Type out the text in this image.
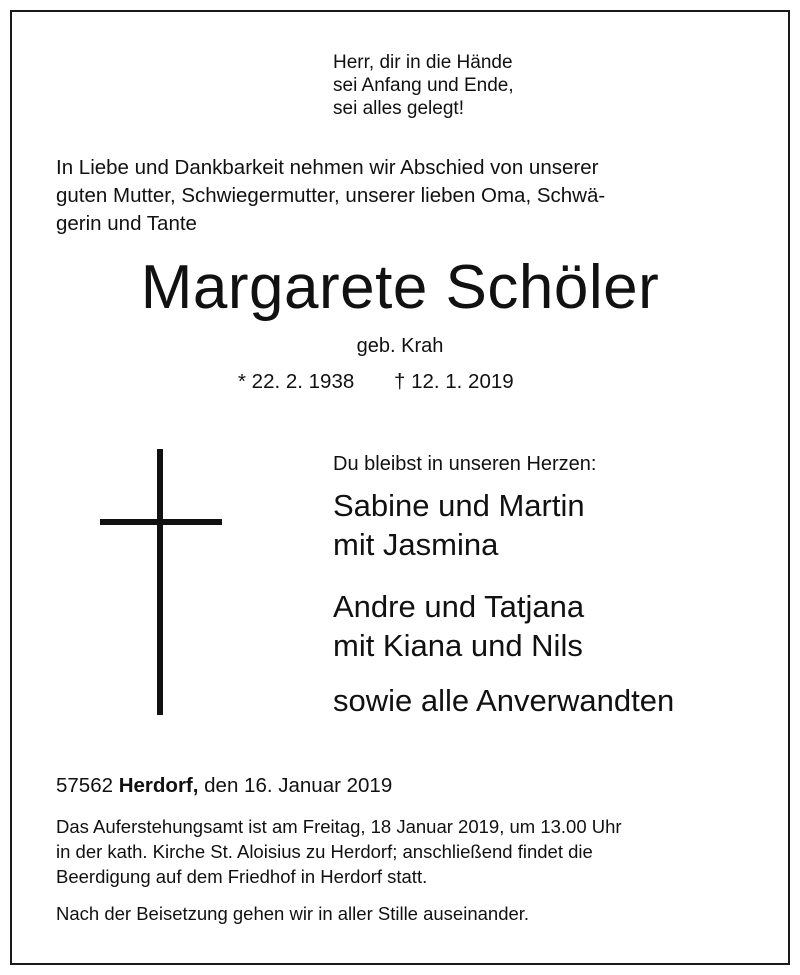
Herr, dir in die Hände
sei Anfang und Ende,
sei alles gelegt!
In Liebe und Dankbarkeit nehmen wir Abschied von unserer
guten Mutter, Schwiegermutter, unserer lieben Oma, Schwä-
gerin und Tante
Margarete Schöler
geb. Krah
* 22. 2. 1938 † 12. 1. 2019
Du bleibst in unseren Herzen:
Sabine und Martin
mit Jasmina
Andre und Tatjana
mit Kiana und Nils
sowie alle Anverwandten
57562 Herdorf, den 16. Januar 2019
Das Auferstehungsamt ist am Freitag, 18 Januar 2019, um 13.00 Uhr
in der kath. Kirche St. Aloisius zu Herdorf; anschließend findet die
Beerdigung auf dem Friedhof in Herdorf statt.
Nach der Beisetzung gehen wir in aller Stille auseinander.
